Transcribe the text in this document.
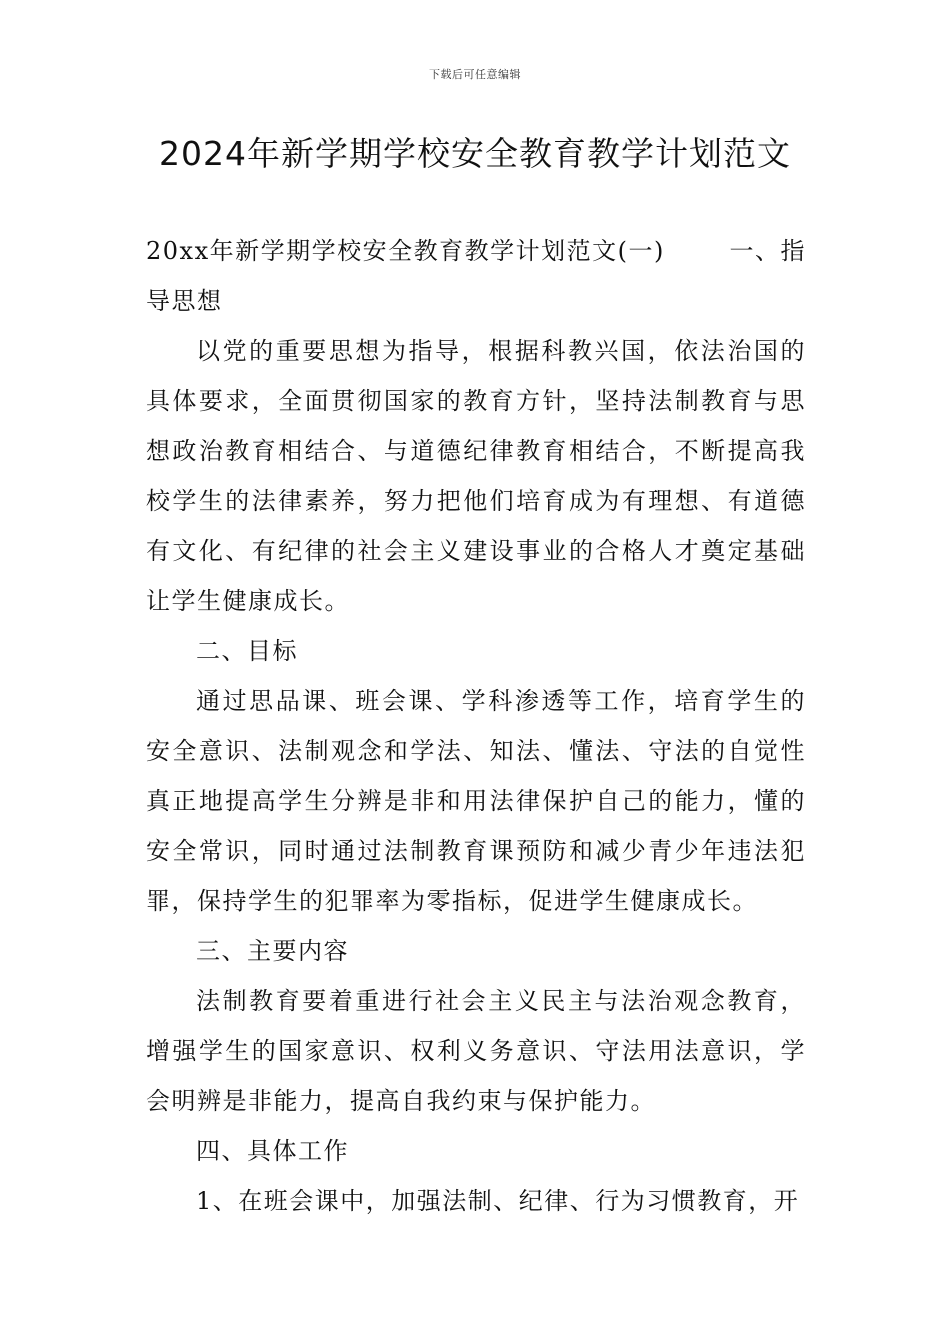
下载后可任意编辑
2024年新学期学校安全教育教学计划范文
20xx年新学期学校安全教育教学计划范文(一)	一、指

导思想

以党的重要思想为指导，根据科教兴国，依法治国的具体要求，全面贯彻国家的教育方针，坚持法制教育与思想政治教育相结合、与道德纪律教育相结合，不断提高我校学生的法律素养，努力把他们培育成为有理想、有道德有文化、有纪律的社会主义建设事业的合格人才奠定基础让学生健康成长。

二、目标

通过思品课、班会课、学科渗透等工作，培育学生的安全意识、法制观念和学法、知法、懂法、守法的自觉性真正地提高学生分辨是非和用法律保护自己的能力，懂的安全常识，同时通过法制教育课预防和减少青少年违法犯罪，保持学生的犯罪率为零指标，促进学生健康成长。

三、主要内容

法制教育要着重进行社会主义民主与法治观念教育，增强学生的国家意识、权利义务意识、守法用法意识，学会明辨是非能力，提高自我约束与保护能力。

四、具体工作

1、在班会课中，加强法制、纪律、行为习惯教育，开
